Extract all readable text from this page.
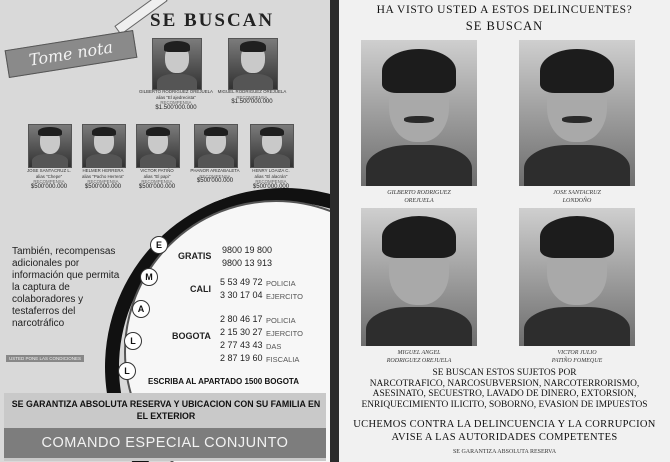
SE BUSCAN
Tome nota
GILBERTO RODRIGUEZ OREJUELA
alias "El ajedrecista"
RECOMPENSA
$1.500'000.000
MIGUEL RODRIGUEZ OREJUELA
RECOMPENSA
$1.500'000.000
JOSE SANTACRUZ L.
alias "Chepe"
RECOMPENSA
$500'000.000
HELMER HERRERA
alias "Pacho Herrera"
RECOMPENSA
$500'000.000
VICTOR PATIÑO
alias "El papi"
RECOMPENSA
$500'000.000
PHANOR ARIZABALETA
RECOMPENSA
$500'000.000
HENRY LOAIZA C.
alias "El alacrán"
RECOMPENSA
$500'000.000
E
M
A
L
L
También, recompensas adicionales por información que permita la captura de colaboradores y testaferros del narcotráfico
GRATIS
9800 19 800
9800 13 913
CALI
5 53 49 72
3 30 17 04
POLICIA
EJERCITO
BOGOTA
2 80 46 17
2 15 30 27
2 77 43 43
2 87 19 60
POLICIA
EJERCITO
DAS
FISCALIA
USTED PONE LAS CONDICIONES
ESCRIBA AL APARTADO 1500 BOGOTA
SE GARANTIZA ABSOLUTA RESERVA Y UBICACION CON SU FAMILIA EN EL EXTERIOR
COMANDO ESPECIAL CONJUNTO
HA VISTO USTED A ESTOS DELINCUENTES?
SE BUSCAN
GILBERTO RODRIGUEZ
OREJUELA
JOSE SANTACRUZ
LONDOÑO
MIGUEL ANGEL
RODRIGUEZ OREJUELA
VICTOR JULIO
PATIÑO FOMEQUE
SE BUSCAN ESTOS SUJETOS POR
NARCOTRAFICO, NARCOSUBVERSION, NARCOTERRORISMO,
ASESINATO, SECUESTRO, LAVADO DE DINERO, EXTORSION,
ENRIQUECIMIENTO ILICITO, SOBORNO, EVASION DE IMPUESTOS
UCHEMOS CONTRA LA DELINCUENCIA Y LA CORRUPCION
AVISE A LAS AUTORIDADES COMPETENTES
SE GARANTIZA ABSOLUTA RESERVA
